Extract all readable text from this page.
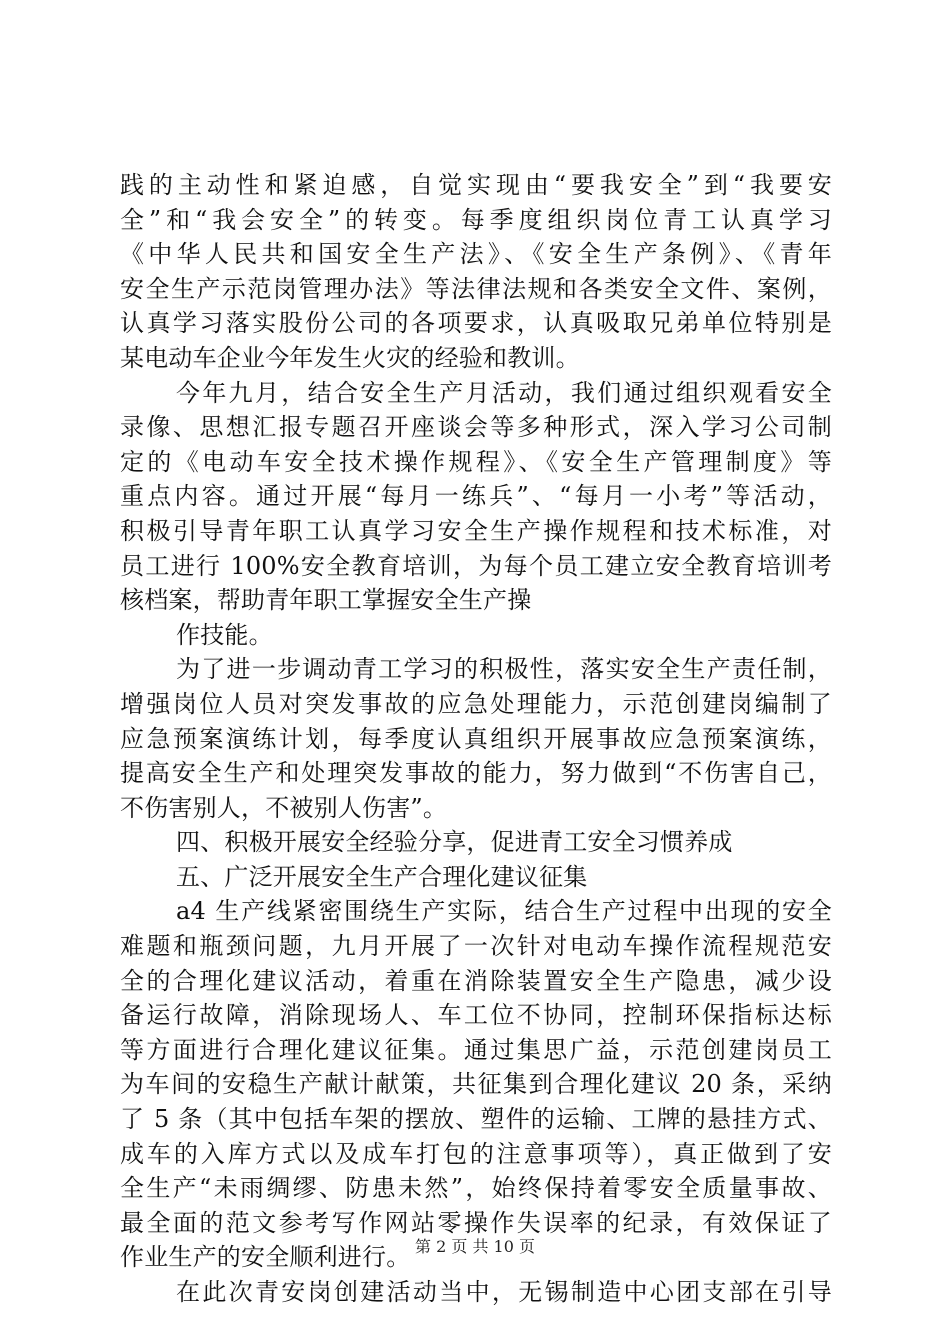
践的主动性和紧迫感，自觉实现由“要我安全”到“我要安
全”和“我会安全”的转变。每季度组织岗位青工认真学习
《中华人民共和国安全生产法》、《安全生产条例》、《青年
安全生产示范岗管理办法》等法律法规和各类安全文件、案例，
认真学习落实股份公司的各项要求，认真吸取兄弟单位特别是
某电动车企业今年发生火灾的经验和教训。
今年九月，结合安全生产月活动，我们通过组织观看安全
录像、思想汇报专题召开座谈会等多种形式，深入学习公司制
定的《电动车安全技术操作规程》、《安全生产管理制度》等
重点内容。通过开展“每月一练兵”、“每月一小考”等活动，
积极引导青年职工认真学习安全生产操作规程和技术标准，对
员工进行 100%安全教育培训，为每个员工建立安全教育培训考
核档案，帮助青年职工掌握安全生产操
作技能。
为了进一步调动青工学习的积极性，落实安全生产责任制，
增强岗位人员对突发事故的应急处理能力，示范创建岗编制了
应急预案演练计划，每季度认真组织开展事故应急预案演练，
提高安全生产和处理突发事故的能力，努力做到“不伤害自己，
不伤害别人，不被别人伤害”。
四、积极开展安全经验分享，促进青工安全习惯养成
五、广泛开展安全生产合理化建议征集
a4 生产线紧密围绕生产实际，结合生产过程中出现的安全
难题和瓶颈问题，九月开展了一次针对电动车操作流程规范安
全的合理化建议活动，着重在消除装置安全生产隐患，减少设
备运行故障，消除现场人、车工位不协同，控制环保指标达标
等方面进行合理化建议征集。通过集思广益，示范创建岗员工
为车间的安稳生产献计献策，共征集到合理化建议 20 条，采纳
了 5 条（其中包括车架的摆放、塑件的运输、工牌的悬挂方式、
成车的入库方式以及成车打包的注意事项等），真正做到了安
全生产“未雨绸缪、防患未然”，始终保持着零安全质量事故、
最全面的范文参考写作网站零操作失误率的纪录，有效保证了
作业生产的安全顺利进行。
在此次青安岗创建活动当中，无锡制造中心团支部在引导
第 2 页 共 10 页
